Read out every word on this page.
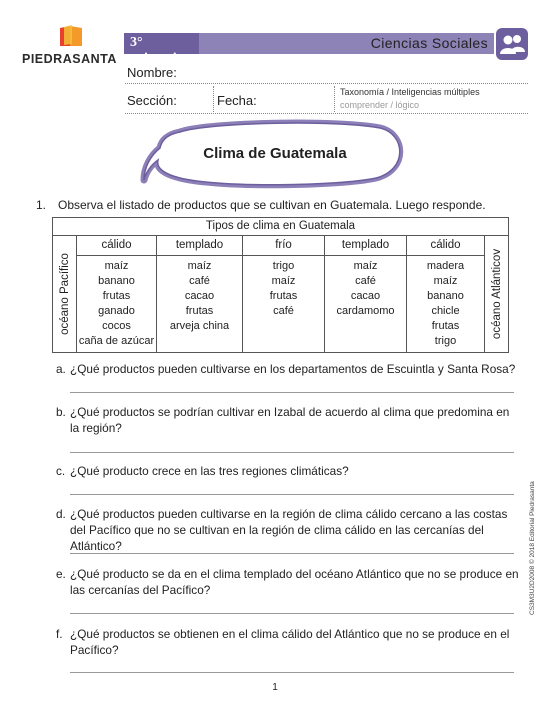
PIEDRASANTA
3° primaria
Ciencias Sociales
Nombre:
Sección:	Fecha:
Taxonomía / Inteligencias múltiples
comprender / lógico
Clima de Guatemala
1. Observa el listado de productos que se cultivan en Guatemala. Luego responde.
Tipos de clima en Guatemala
océano Pacífico
cálido
maíz
banano
frutas
ganado
cocos
caña de azúcar
templado
maíz
café
cacao
frutas
arveja china
frío
trigo
maíz
frutas
café
templado
maíz
café
cacao
cardamomo
cálido
madera
maíz
banano
chicle
frutas
trigo
océano Atlánticov
a. ¿Qué productos pueden cultivarse en los departamentos de Escuintla y Santa Rosa?
b. ¿Qué productos se podrían cultivar en Izabal de acuerdo al clima que predomina en la región?
c. ¿Qué producto crece en las tres regiones climáticas?
d. ¿Qué productos pueden cultivarse en la región de clima cálido cercano a las costas del Pacífico que no se cultivan en la región de clima cálido en las cercanías del Atlántico?
e. ¿Qué producto se da en el clima templado del océano Atlántico que no se produce en las cercanías del Pacífico?
f. ¿Qué productos se obtienen en el clima cálido del Atlántico que no se produce en el Pacífico?
1
CS3M3U2D2008 © 2018 Editorial Piedrasanta
